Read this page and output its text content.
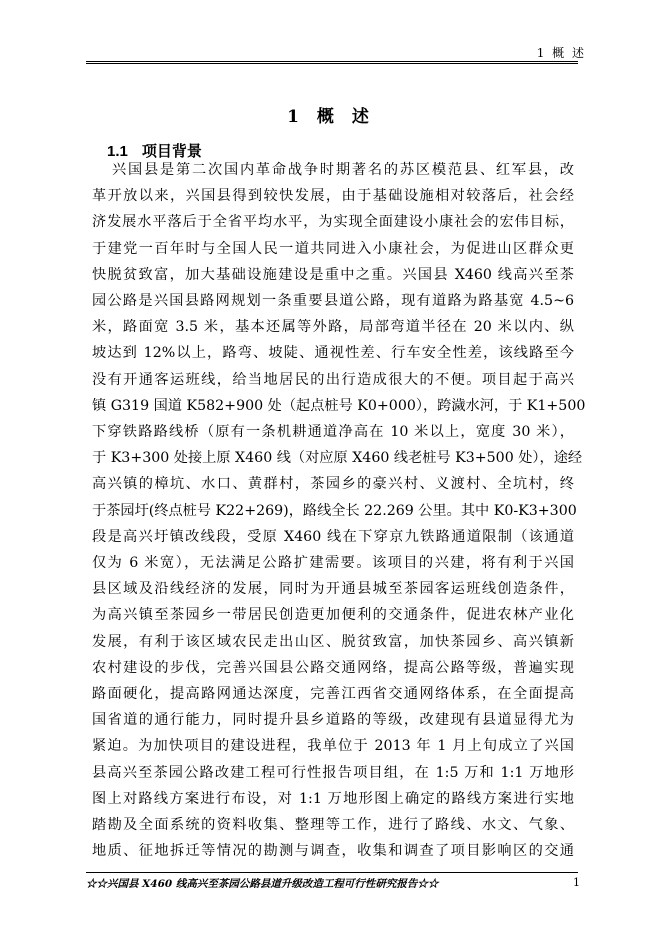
1 概 述
1 概 述
1.1 项目背景
兴国县是第二次国内革命战争时期著名的苏区模范县、红军县，改
革开放以来，兴国县得到较快发展，由于基础设施相对较落后，社会经
济发展水平落后于全省平均水平，为实现全面建设小康社会的宏伟目标，
于建党一百年时与全国人民一道共同进入小康社会，为促进山区群众更
快脱贫致富，加大基础设施建设是重中之重。兴国县 X460 线高兴至茶
园公路是兴国县路网规划一条重要县道公路，现有道路为路基宽 4.5~6
米，路面宽 3.5 米，基本还属等外路，局部弯道半径在 20 米以内、纵
坡达到 12%以上，路弯、坡陡、通视性差、行车安全性差，该线路至今
没有开通客运班线，给当地居民的出行造成很大的不便。项目起于高兴
镇 G319 国道 K582+900 处（起点桩号 K0+000），跨濊水河，于 K1+500
下穿铁路路线桥（原有一条机耕通道净高在 10 米以上，宽度 30 米），
于 K3+300 处接上原 X460 线（对应原 X460 线老桩号 K3+500 处），途经
高兴镇的樟坑、水口、黄群村，茶园乡的豪兴村、义渡村、全坑村，终
于茶园圩(终点桩号 K22+269)，路线全长 22.269 公里。其中 K0-K3+300
段是高兴圩镇改线段，受原 X460 线在下穿京九铁路通道限制（该通道
仅为 6 米宽），无法满足公路扩建需要。该项目的兴建，将有利于兴国
县区域及沿线经济的发展，同时为开通县城至茶园客运班线创造条件，
为高兴镇至茶园乡一带居民创造更加便利的交通条件，促进农林产业化
发展，有利于该区域农民走出山区、脱贫致富，加快茶园乡、高兴镇新
农村建设的步伐，完善兴国县公路交通网络，提高公路等级，普遍实现
路面硬化，提高路网通达深度，完善江西省交通网络体系，在全面提高
国省道的通行能力，同时提升县乡道路的等级，改建现有县道显得尤为
紧迫。为加快项目的建设进程，我单位于 2013 年 1 月上旬成立了兴国
县高兴至茶园公路改建工程可行性报告项目组，在 1:5 万和 1:1 万地形
图上对路线方案进行布设，对 1:1 万地形图上确定的路线方案进行实地
踏勘及全面系统的资料收集、整理等工作，进行了路线、水文、气象、
地质、征地拆迁等情况的勘测与调查，收集和调查了项目影响区的交通
☆☆兴国县 X460 线高兴至茶园公路县道升级改造工程可行性研究报告☆☆	1
